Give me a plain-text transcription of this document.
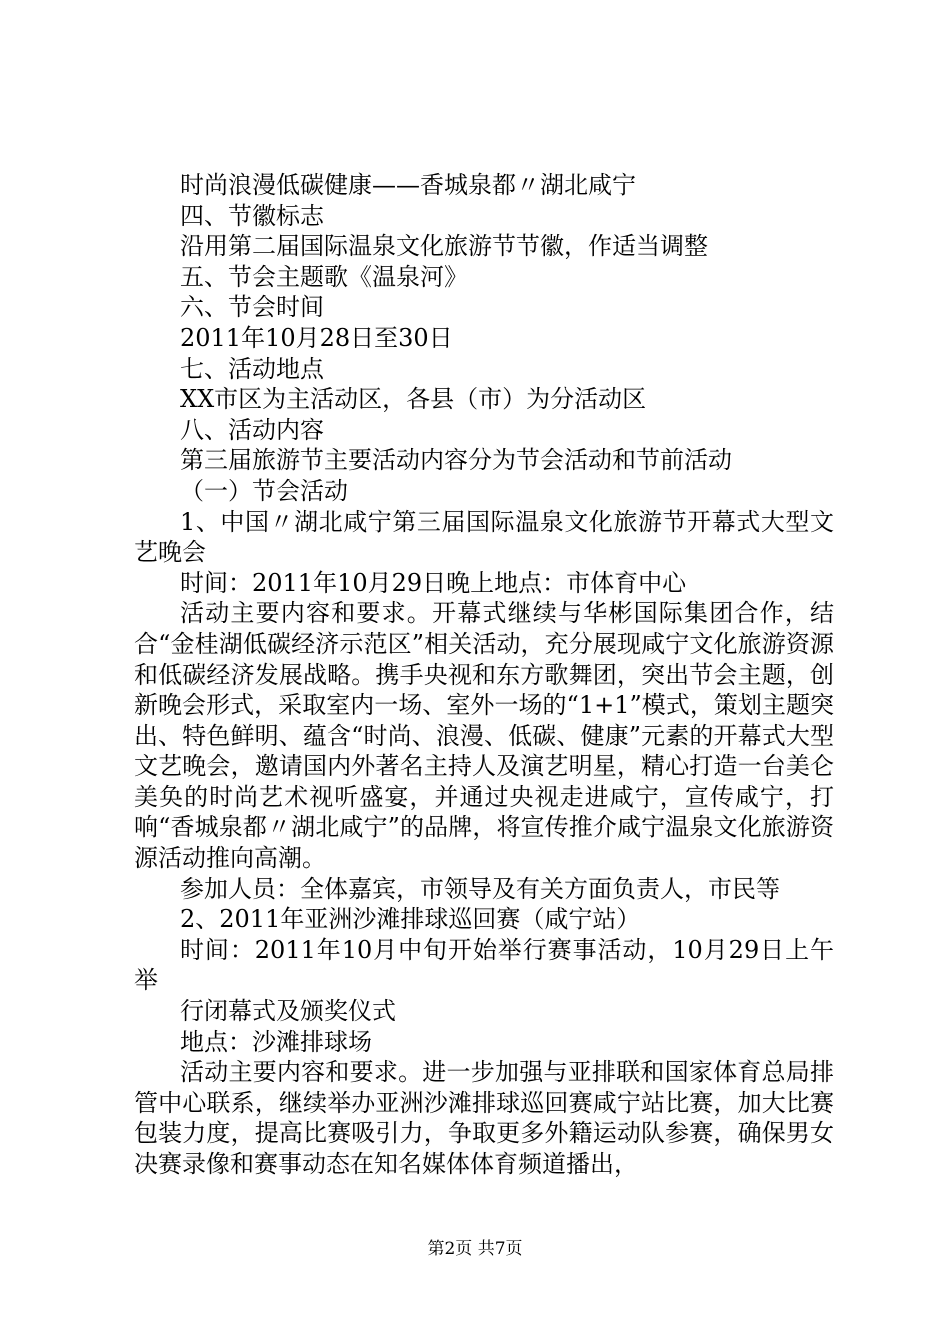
时尚浪漫低碳健康——香城泉都〃湖北咸宁
四、节徽标志
沿用第二届国际温泉文化旅游节节徽，作适当调整
五、节会主题歌《温泉河》
六、节会时间
2011年10月28日至30日
七、活动地点
XX市区为主活动区，各县（市）为分活动区
八、活动内容
第三届旅游节主要活动内容分为节会活动和节前活动
（一）节会活动
1、中国〃湖北咸宁第三届国际温泉文化旅游节开幕式大型文艺晚会
时间：2011年10月29日晚上地点：市体育中心
活动主要内容和要求。开幕式继续与华彬国际集团合作，结合“金桂湖低碳经济示范区”相关活动，充分展现咸宁文化旅游资源和低碳经济发展战略。携手央视和东方歌舞团，突出节会主题，创新晚会形式，采取室内一场、室外一场的“1+1”模式，策划主题突出、特色鲜明、蕴含“时尚、浪漫、低碳、健康”元素的开幕式大型文艺晚会，邀请国内外著名主持人及演艺明星，精心打造一台美仑美奂的时尚艺术视听盛宴，并通过央视走进咸宁，宣传咸宁，打响“香城泉都〃湖北咸宁”的品牌，将宣传推介咸宁温泉文化旅游资源活动推向高潮。
参加人员：全体嘉宾，市领导及有关方面负责人，市民等
2、2011年亚洲沙滩排球巡回赛（咸宁站）
时间：2011年10月中旬开始举行赛事活动，10月29日上午举
行闭幕式及颁奖仪式
地点：沙滩排球场
活动主要内容和要求。进一步加强与亚排联和国家体育总局排管中心联系，继续举办亚洲沙滩排球巡回赛咸宁站比赛，加大比赛包装力度，提高比赛吸引力，争取更多外籍运动队参赛，确保男女决赛录像和赛事动态在知名媒体体育频道播出，
第2页 共7页
